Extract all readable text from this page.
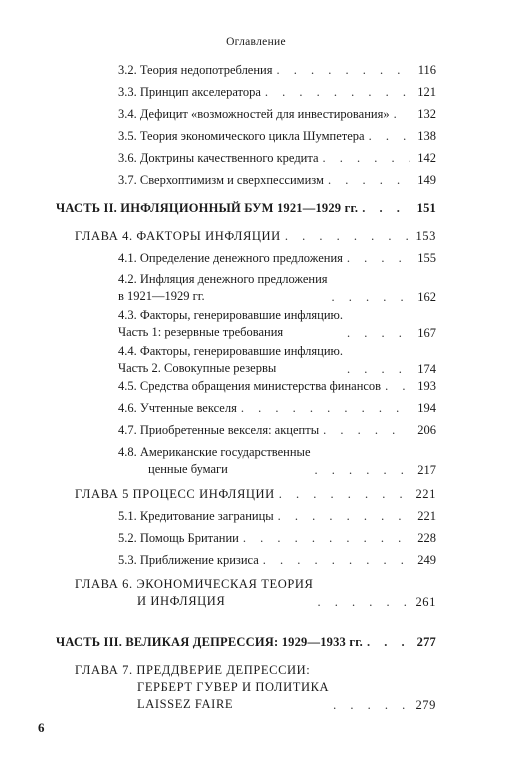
Оглавление
3.2. Теория недопотребления . . .	116
3.3. Принцип акселератора . . .	121
3.4. Дефицит «возможностей для инвестирования» . . . 132
3.5. Теория экономического цикла Шумпетера . . .	138
3.6. Доктрины качественного кредита . . .	142
3.7. Сверхоптимизм и сверхпессимизм . . .	149
ЧАСТЬ II. ИНФЛЯЦИОННЫЙ БУМ 1921—1929 гг. . . .	151
ГЛАВА 4. ФАКТОРЫ ИНФЛЯЦИИ . . .	153
4.1. Определение денежного предложения . . .	155
4.2. Инфляция денежного предложения
в 1921—1929 гг. . . .	162
4.3. Факторы, генерировавшие инфляцию.
Часть 1: резервные требования . . .	167
4.4. Факторы, генерировавшие инфляцию.
Часть 2. Совокупные резервы . . .	174
4.5. Средства обращения министерства финансов . . .	193
4.6. Учтенные векселя . . .	194
4.7. Приобретенные векселя: акцепты . . .	206
4.8. Американские государственные
ценные бумаги . . .	217
ГЛАВА 5 ПРОЦЕСС ИНФЛЯЦИИ . . .	221
5.1. Кредитование заграницы . . .	221
5.2. Помощь Британии . . .	228
5.3. Приближение кризиса . . .	249
ГЛАВА 6. ЭКОНОМИЧЕСКАЯ ТЕОРИЯ
И ИНФЛЯЦИЯ . . .	261
ЧАСТЬ III. ВЕЛИКАЯ ДЕПРЕССИЯ: 1929—1933 гг. . . .	277
ГЛАВА 7. ПРЕДДВЕРИЕ ДЕПРЕССИИ:
ГЕРБЕРТ ГУВЕР И ПОЛИТИКА
LAISSEZ FAIRE . . .	279
6
